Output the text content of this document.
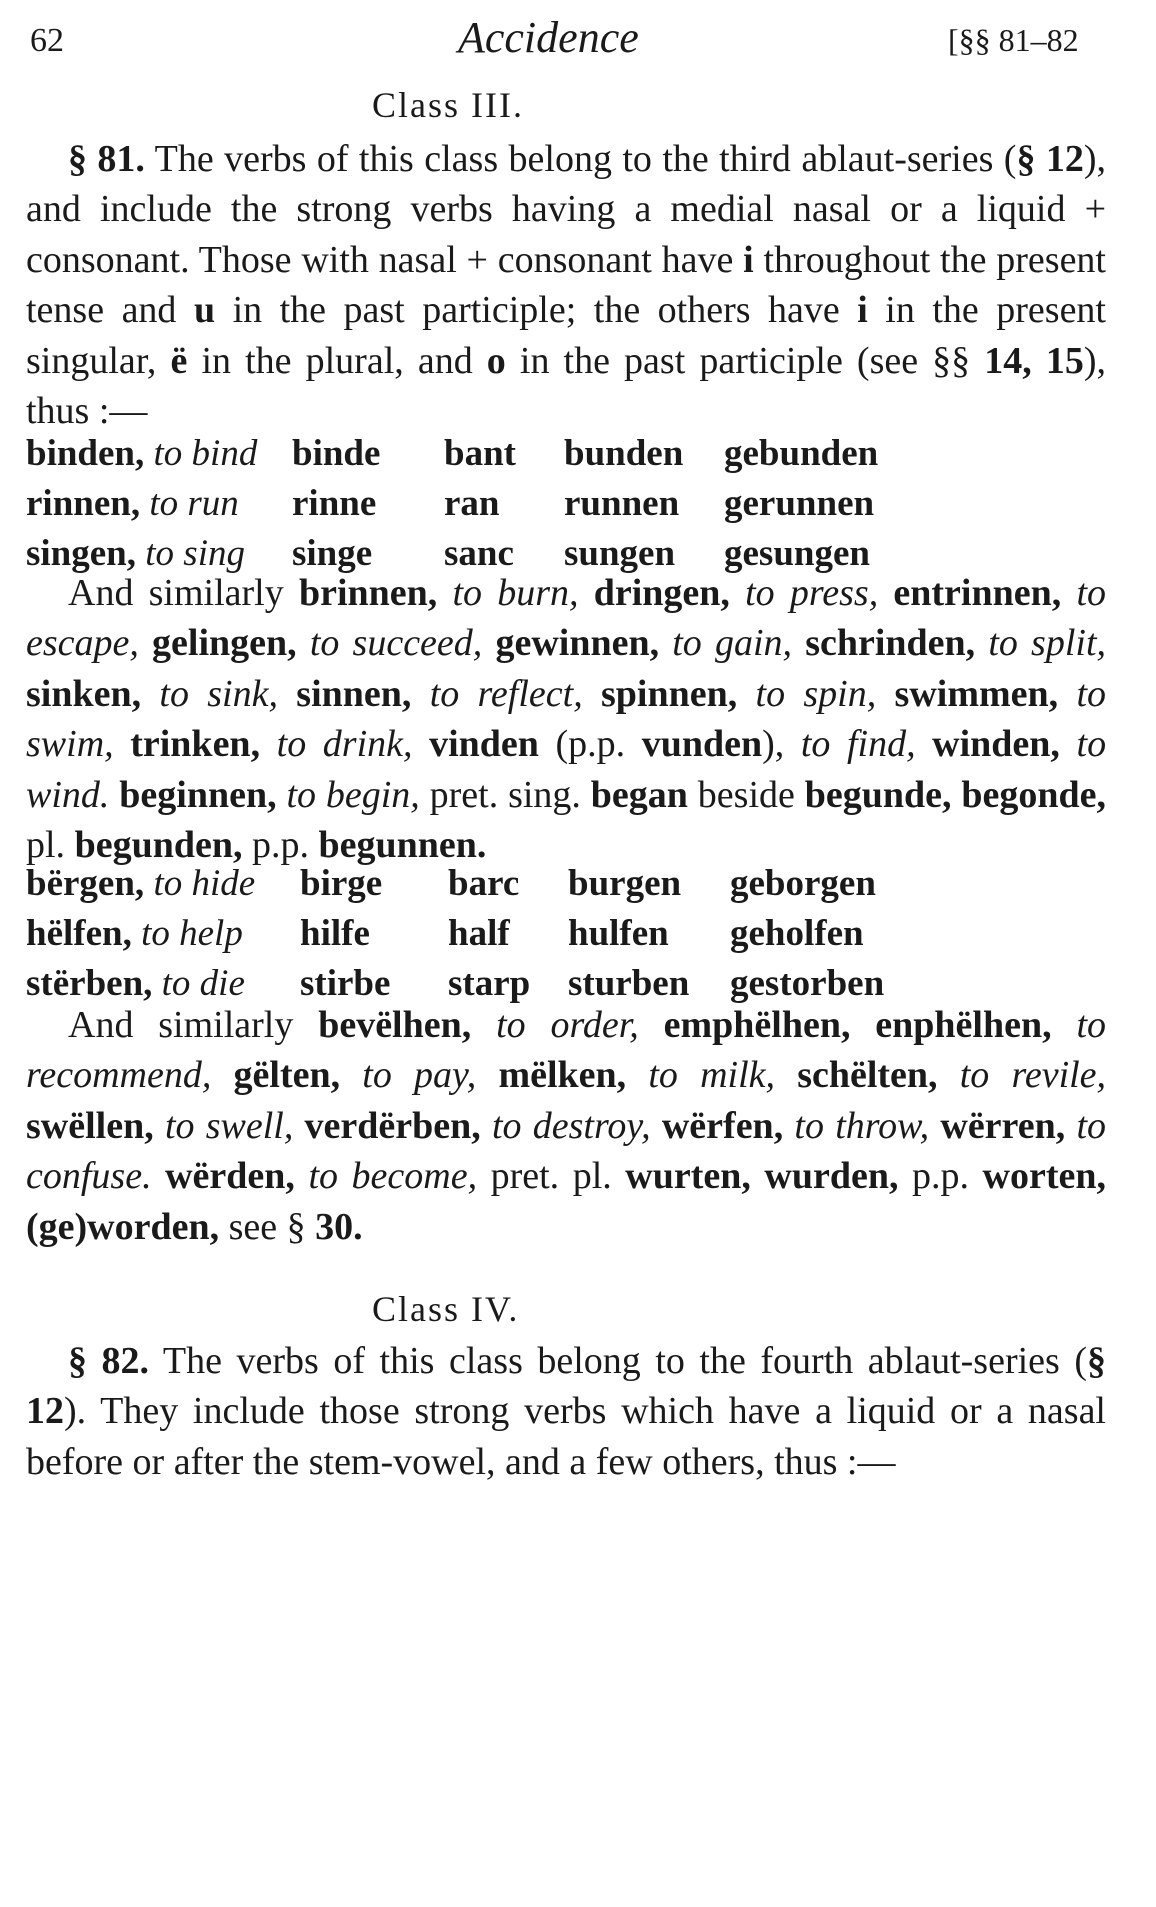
62	Accidence	[§§ 81–82
Class III.
§ 81. The verbs of this class belong to the third ablaut-series (§ 12), and include the strong verbs having a medial nasal or a liquid + consonant. Those with nasal + consonant have i throughout the present tense and u in the past participle; the others have i in the present singular, ë in the plural, and o in the past participle (see §§ 14, 15), thus :—
binden, to bind binde bant bunden gebunden
rinnen, to run rinne ran runnen gerunnen
singen, to sing singe sanc sungen gesungen
And similarly brinnen, to burn, dringen, to press, entrinnen, to escape, gelingen, to succeed, gewinnen, to gain, schrinden, to split, sinken, to sink, sinnen, to reflect, spinnen, to spin, swimmen, to swim, trinken, to drink, vinden (p.p. vunden), to find, winden, to wind. beginnen, to begin, pret. sing. began beside begunde, begonde, pl. begunden, p.p. begunnen.
bërgen, to hide birge barc burgen geborgen
hëlfen, to help hilfe half hulfen geholfen
stërben, to die stirbe starp sturben gestorben
And similarly bevëlhen, to order, emphëlhen, enphëlhen, to recommend, gëlten, to pay, mëlken, to milk, schëlten, to revile, swëllen, to swell, verdërben, to destroy, wërfen, to throw, wërren, to confuse. wërden, to become, pret. pl. wurten, wurden, p.p. worten, (ge)worden, see § 30.
Class IV.
§ 82. The verbs of this class belong to the fourth ablaut-series (§ 12). They include those strong verbs which have a liquid or a nasal before or after the stem-vowel, and a few others, thus :—
